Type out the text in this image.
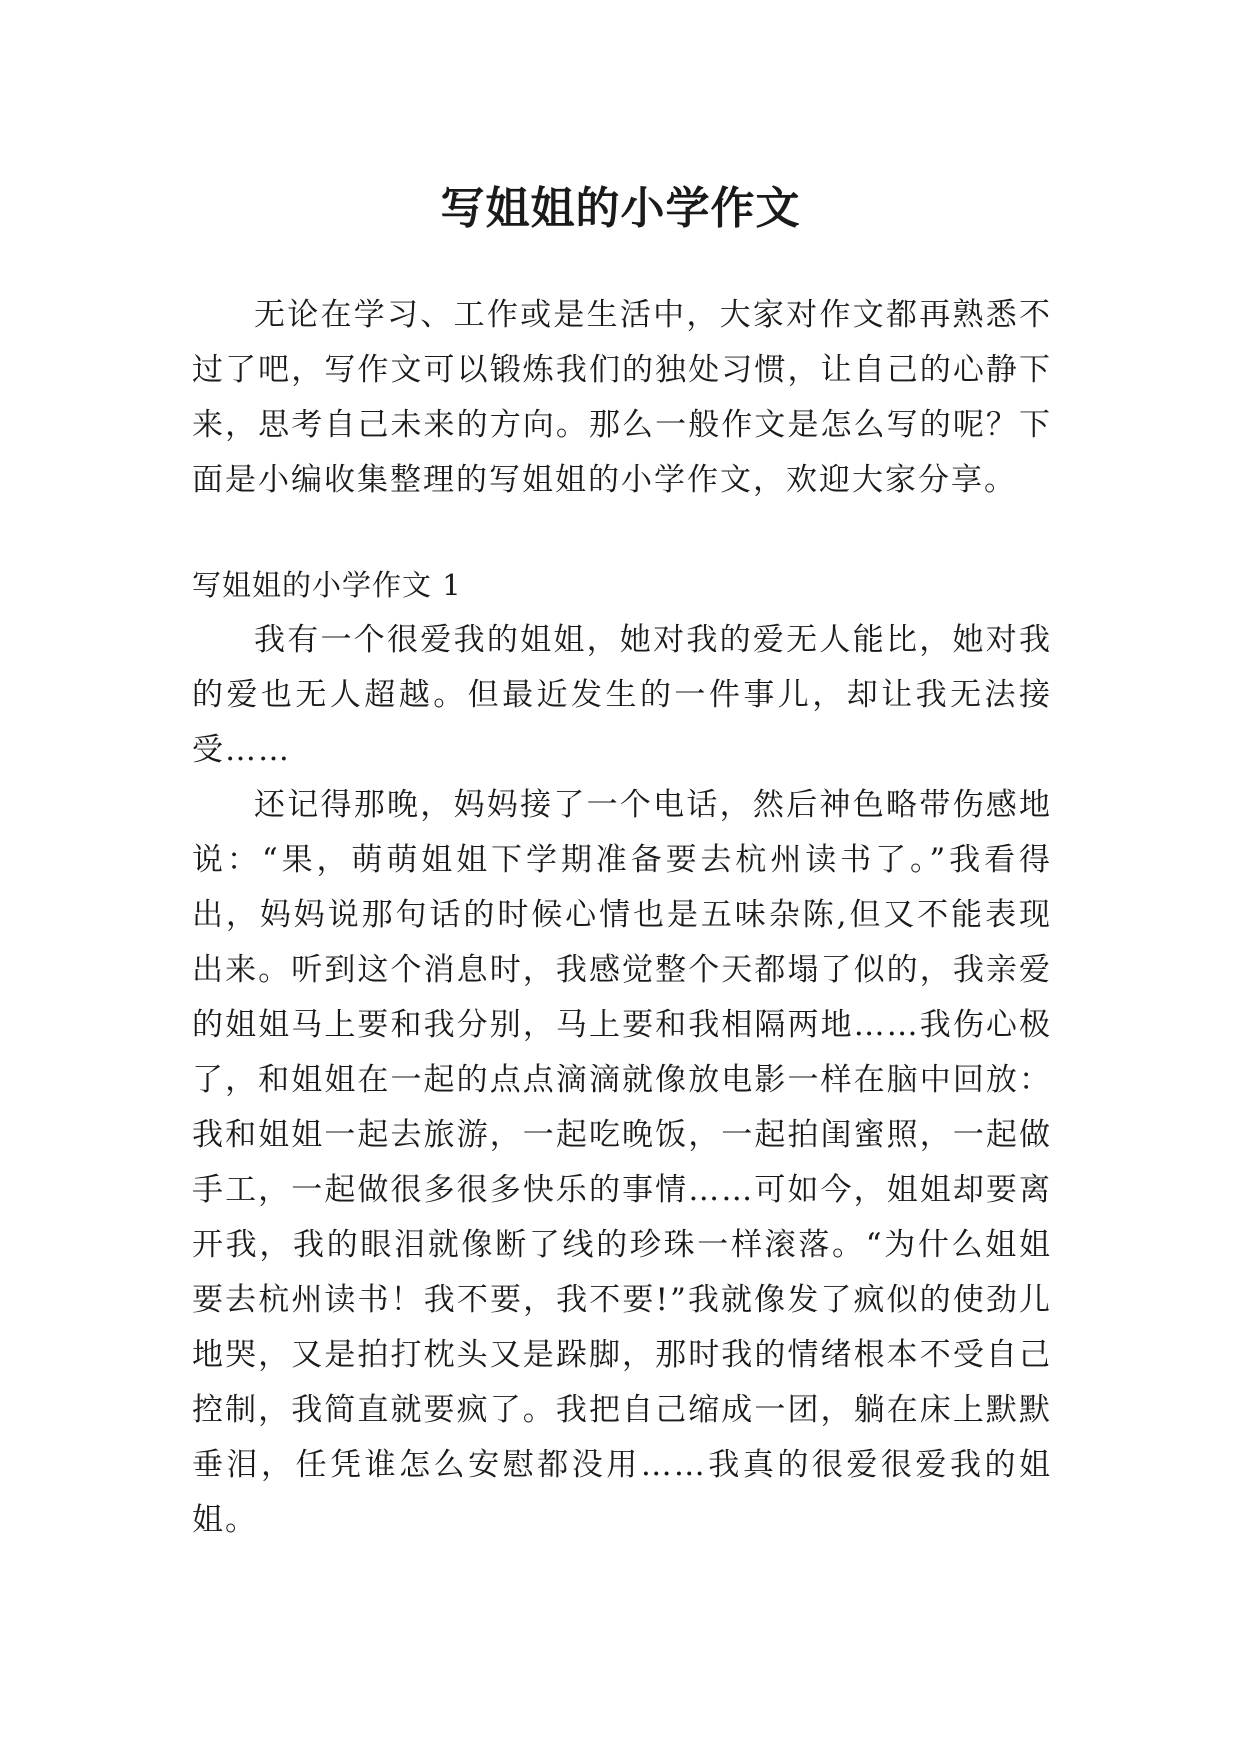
写姐姐的小学作文

无论在学习、工作或是生活中，大家对作文都再熟悉不过了吧，写作文可以锻炼我们的独处习惯，让自己的心静下来，思考自己未来的方向。那么一般作文是怎么写的呢？下面是小编收集整理的写姐姐的小学作文，欢迎大家分享。

写姐姐的小学作文 1

我有一个很爱我的姐姐，她对我的爱无人能比，她对我的爱也无人超越。但最近发生的一件事儿，却让我无法接受……

还记得那晚，妈妈接了一个电话，然后神色略带伤感地说：“果，萌萌姐姐下学期准备要去杭州读书了。”我看得出，妈妈说那句话的时候心情也是五味杂陈,但又不能表现出来。听到这个消息时，我感觉整个天都塌了似的，我亲爱的姐姐马上要和我分别，马上要和我相隔两地……我伤心极了，和姐姐在一起的点点滴滴就像放电影一样在脑中回放：我和姐姐一起去旅游，一起吃晚饭，一起拍闺蜜照，一起做手工，一起做很多很多快乐的事情……可如今，姐姐却要离开我，我的眼泪就像断了线的珍珠一样滚落。“为什么姐姐要去杭州读书！我不要，我不要!”我就像发了疯似的使劲儿地哭，又是拍打枕头又是跺脚，那时我的情绪根本不受自己控制，我简直就要疯了。我把自己缩成一团，躺在床上默默垂泪，任凭谁怎么安慰都没用……我真的很爱很爱我的姐姐。
